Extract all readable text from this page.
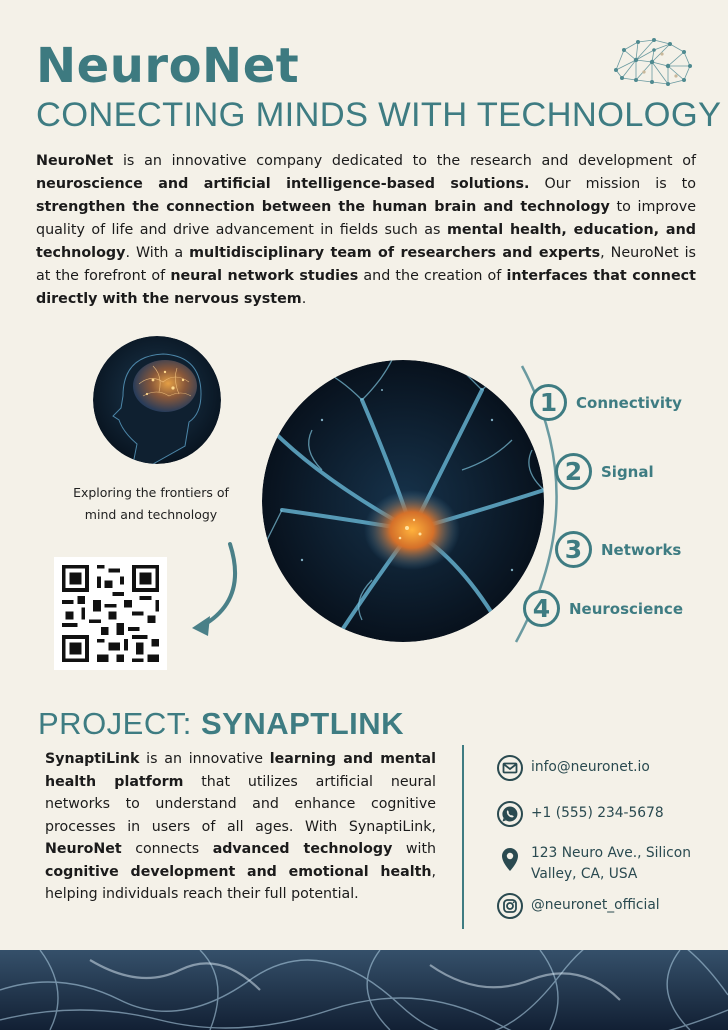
NeuroNet
CONECTING MINDS WITH TECHNOLOGY
NeuroNet is an innovative company dedicated to the research and development of neuroscience and artificial intelligence-based solutions. Our mission is to strengthen the connection between the human brain and technology to improve quality of life and drive advancement in fields such as mental health, education, and technology. With a multidisciplinary team of researchers and experts, NeuroNet is at the forefront of neural network studies and the creation of interfaces that connect directly with the nervous system.
Exploring the frontiers of mind and technology
1	Connectivity
2	Signal
3	Networks
4	Neuroscience
PROJECT: SYNAPTLINK
SynaptiLink is an innovative learning and mental health platform that utilizes artificial neural networks to understand and enhance cognitive processes in users of all ages. With SynaptiLink, NeuroNet connects advanced technology with cognitive development and emotional health, helping individuals reach their full potential.
info@neuronet.io
+1 (555) 234-5678
123 Neuro Ave., Silicon Valley, CA, USA
@neuronet_official
